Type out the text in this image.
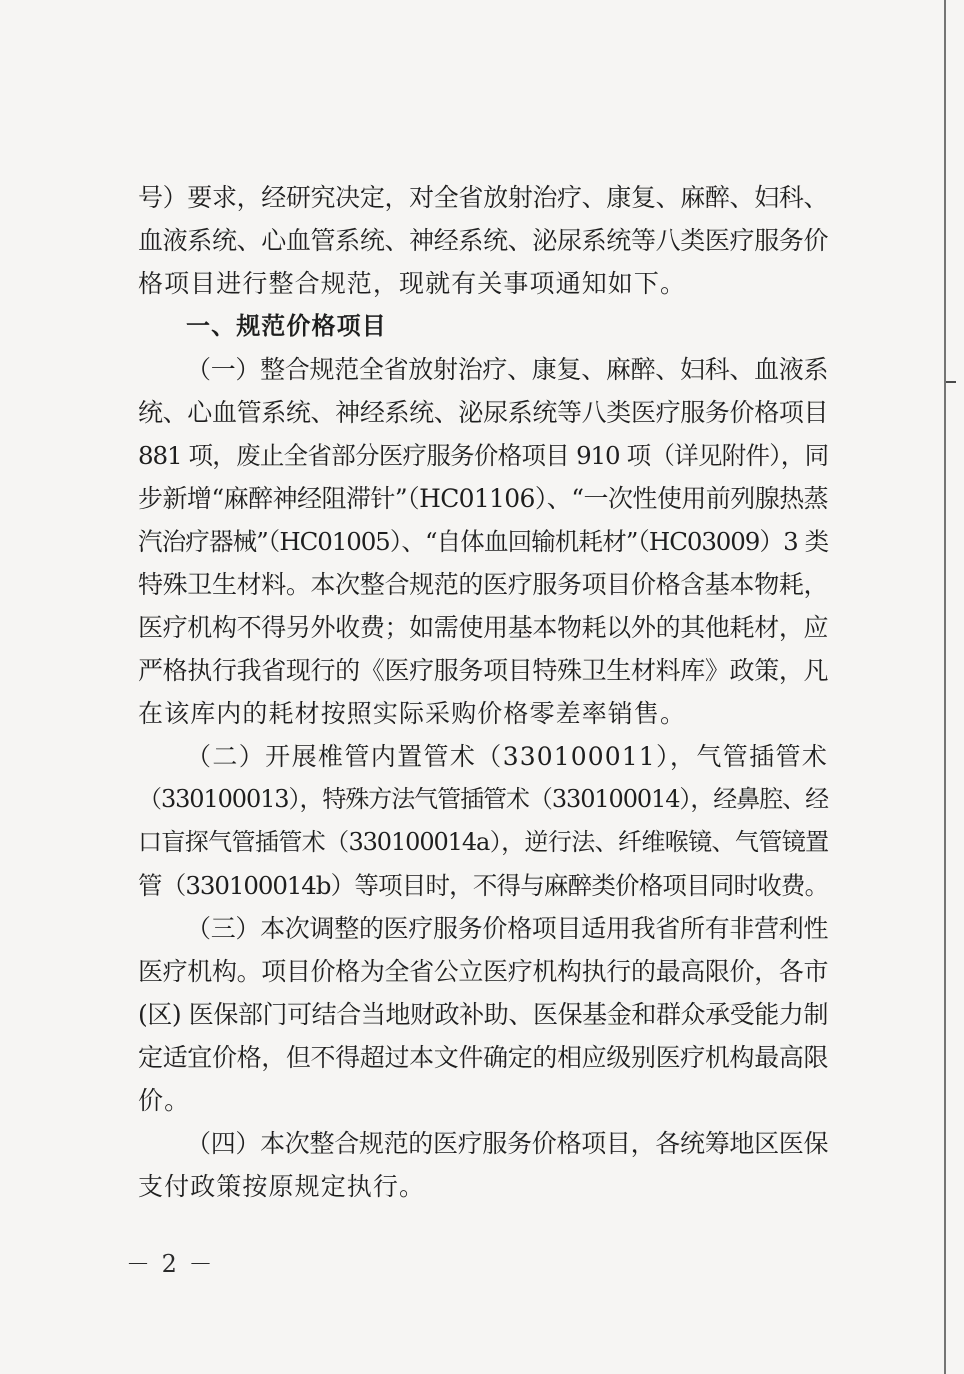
号）要求，经研究决定，对全省放射治疗、康复、麻醉、妇科、
血液系统、心血管系统、神经系统、泌尿系统等八类医疗服务价
格项目进行整合规范，现就有关事项通知如下。
一、规范价格项目
（一）整合规范全省放射治疗、康复、麻醉、妇科、血液系
统、心血管系统、神经系统、泌尿系统等八类医疗服务价格项目
881 项，废止全省部分医疗服务价格项目 910 项（详见附件），同
步新增“麻醉神经阻滞针”（HC01106）、“一次性使用前列腺热蒸
汽治疗器械”（HC01005）、“自体血回输机耗材”（HC03009）3 类
特殊卫生材料。本次整合规范的医疗服务项目价格含基本物耗，
医疗机构不得另外收费；如需使用基本物耗以外的其他耗材，应
严格执行我省现行的《医疗服务项目特殊卫生材料库》政策，凡
在该库内的耗材按照实际采购价格零差率销售。
（二）开展椎管内置管术（330100011），气管插管术
（330100013），特殊方法气管插管术（330100014），经鼻腔、经
口盲探气管插管术（330100014a），逆行法、纤维喉镜、气管镜置
管（330100014b）等项目时，不得与麻醉类价格项目同时收费。
（三）本次调整的医疗服务价格项目适用我省所有非营利性
医疗机构。项目价格为全省公立医疗机构执行的最高限价，各市
(区) 医保部门可结合当地财政补助、医保基金和群众承受能力制
定适宜价格，但不得超过本文件确定的相应级别医疗机构最高限
价。
（四）本次整合规范的医疗服务价格项目，各统筹地区医保
支付政策按原规定执行。
－ 2 －
